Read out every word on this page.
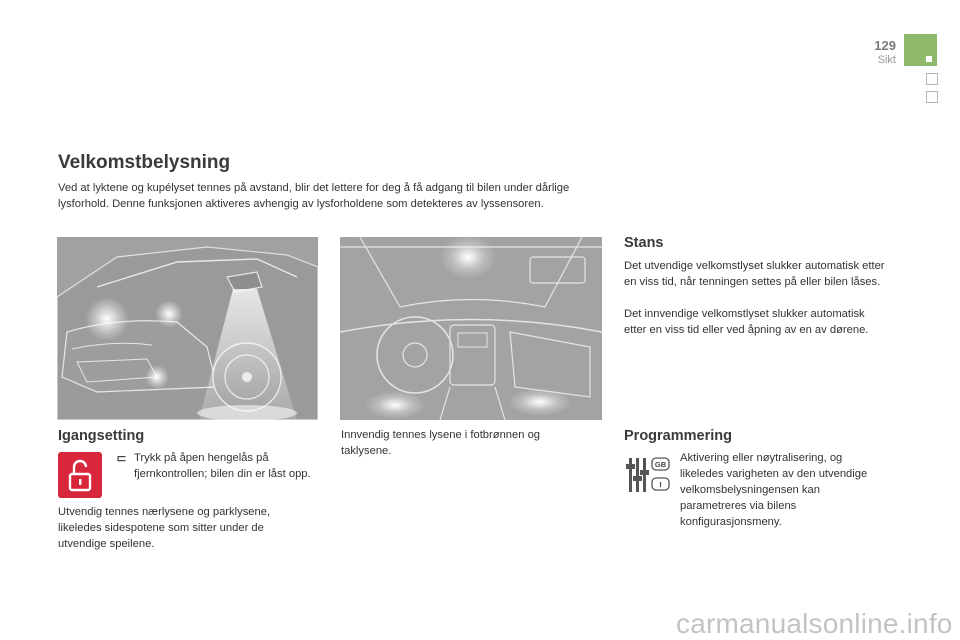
129
Sikt
Velkomstbelysning
Ved at lyktene og kupélyset tennes på avstand, blir det lettere for deg å få adgang til bilen under dårlige lysforhold. Denne funksjonen aktiveres avhengig av lysforholdene som detekteres av lyssensoren.
Igangsetting
Trykk på åpen hengelås på fjernkontrollen; bilen din er låst opp.
Utvendig tennes nærlysene og parklysene, likeledes sidespotene som sitter under de utvendige speilene.
Innvendig tennes lysene i fotbrønnen og taklysene.
Stans
Det utvendige velkomstlyset slukker automatisk etter en viss tid, når tenningen settes på eller bilen låses.
Det innvendige velkomstlyset slukker automatisk etter en viss tid eller ved åpning av en av dørene.
Programmering
GB
I
Aktivering eller nøytralisering, og likeledes varigheten av den utvendige velkomsbelysningensen kan parametreres via bilens konfigurasjonsmeny.
carmanualsonline.info
